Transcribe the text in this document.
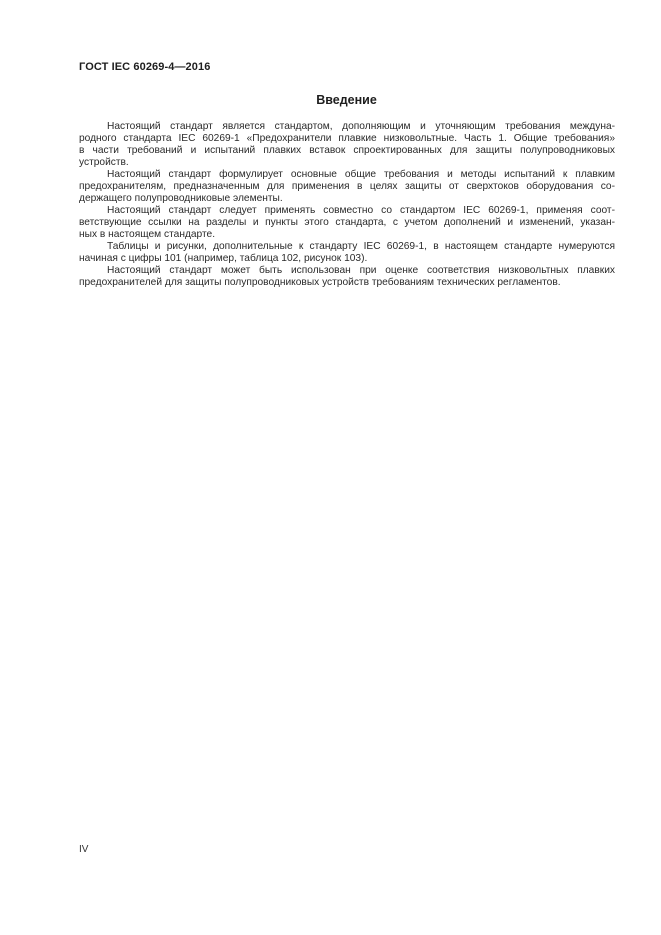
ГОСТ IEC 60269-4—2016
Введение
Настоящий стандарт является стандартом, дополняющим и уточняющим требования междуна-
родного стандарта IEC 60269-1 «Предохранители плавкие низковольтные. Часть 1. Общие требования»
в части требований и испытаний плавких вставок спроектированных для защиты полупроводниковых
устройств.
Настоящий стандарт формулирует основные общие требования и методы испытаний к плавким
предохранителям, предназначенным для применения в целях защиты от сверхтоков оборудования со-
держащего полупроводниковые элементы.
Настоящий стандарт следует применять совместно со стандартом IEC 60269-1, применяя соот-
ветствующие ссылки на разделы и пункты этого стандарта, с учетом дополнений и изменений, указан-
ных в настоящем стандарте.
Таблицы и рисунки, дополнительные к стандарту IEC 60269-1, в настоящем стандарте нумеруются
начиная с цифры 101 (например, таблица 102, рисунок 103).
Настоящий стандарт может быть использован при оценке соответствия низковольтных плавких
предохранителей для защиты полупроводниковых устройств требованиям технических регламентов.
IV
